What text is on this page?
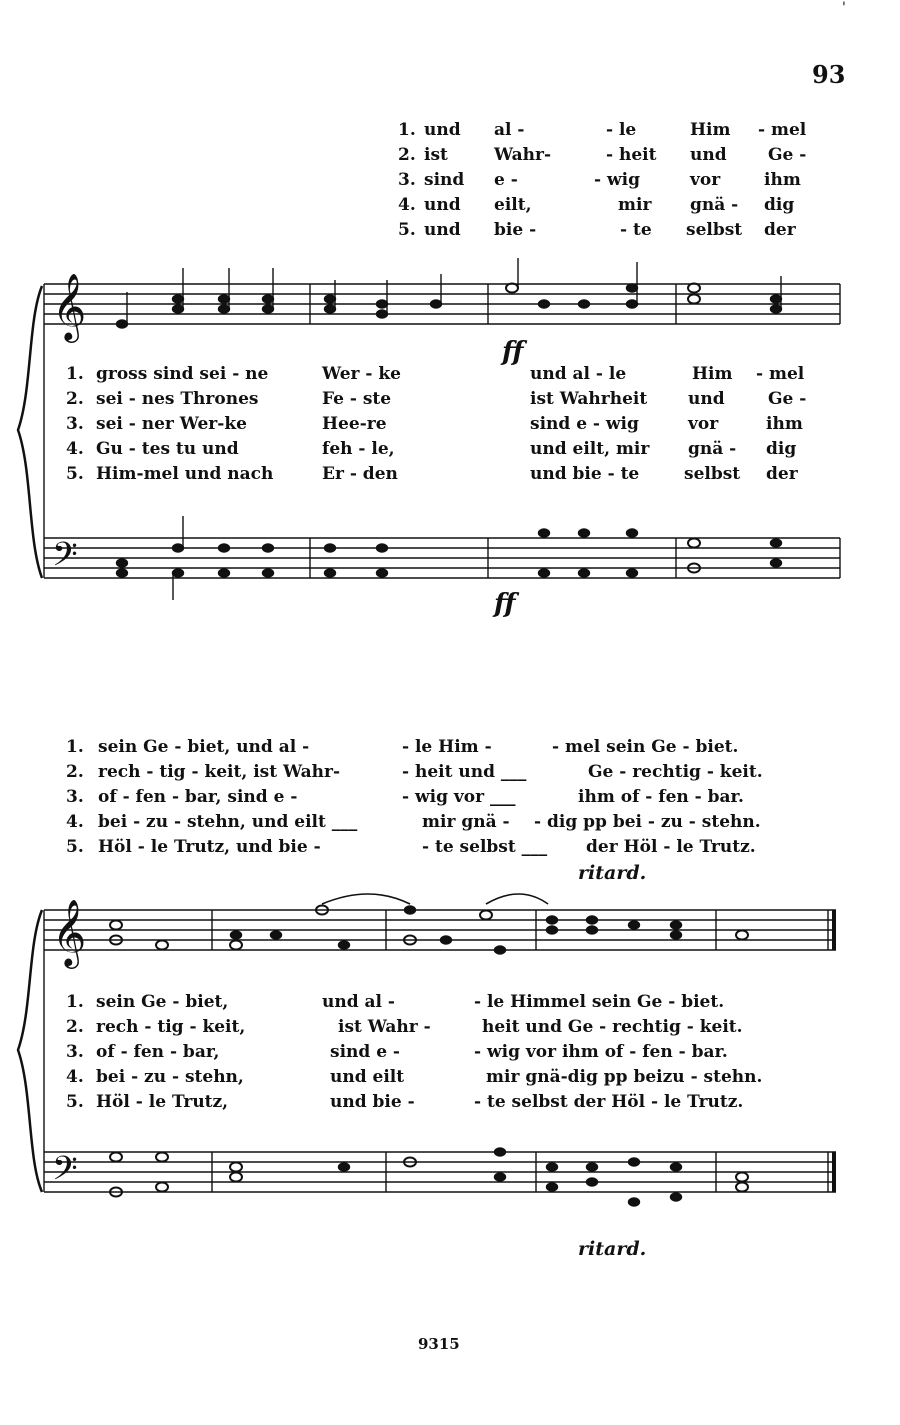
93
'
1. und al -	- le	Him - mel
2. ist	Wahr-	- heit und Ge -
3. sind e -	- wig	vor	ihm
4. und eilt,	mir gnä - dig
5. und bie -	- te selbst der
𝄞
𝄢
ff
ff
1. gross sind sei - ne	Wer - ke	und al - le	Him - mel
2. sei - nes Thrones	Fe - ste	ist Wahrheit und	Ge -
3. sei - ner Wer-ke	Hee-re	sind e - wig	vor	ihm
4. Gu - tes tu und	feh - le,	und eilt, mir gnä - dig
5. Him-mel und nach	Er - den	und bie - te	selbst der
1. sein Ge - biet, und al -	- le Him -	- mel sein Ge - biet.
2. rech - tig - keit, ist Wahr-	- heit und ___	Ge - rechtig - keit.
3. of - fen - bar, sind e -	- wig vor ___	ihm of - fen - bar.
4. bei - zu - stehn, und eilt ___	mir gnä - - dig pp bei - zu - stehn.
5. Höl - le Trutz, und bie -	- te selbst ___ der Höl - le Trutz.
ritard.
𝄞
𝄢
1. sein Ge - biet,	und al -	- le Himmel sein Ge - biet.
2. rech - tig - keit,	ist Wahr -	heit und Ge - rechtig - keit.
3. of - fen - bar,	sind e -	- wig vor ihm of - fen - bar.
4. bei - zu - stehn,	und eilt	mir gnä-dig pp beizu - stehn.
5. Höl - le Trutz,	und bie -	- te selbst der Höl - le Trutz.
ritard.
9315
